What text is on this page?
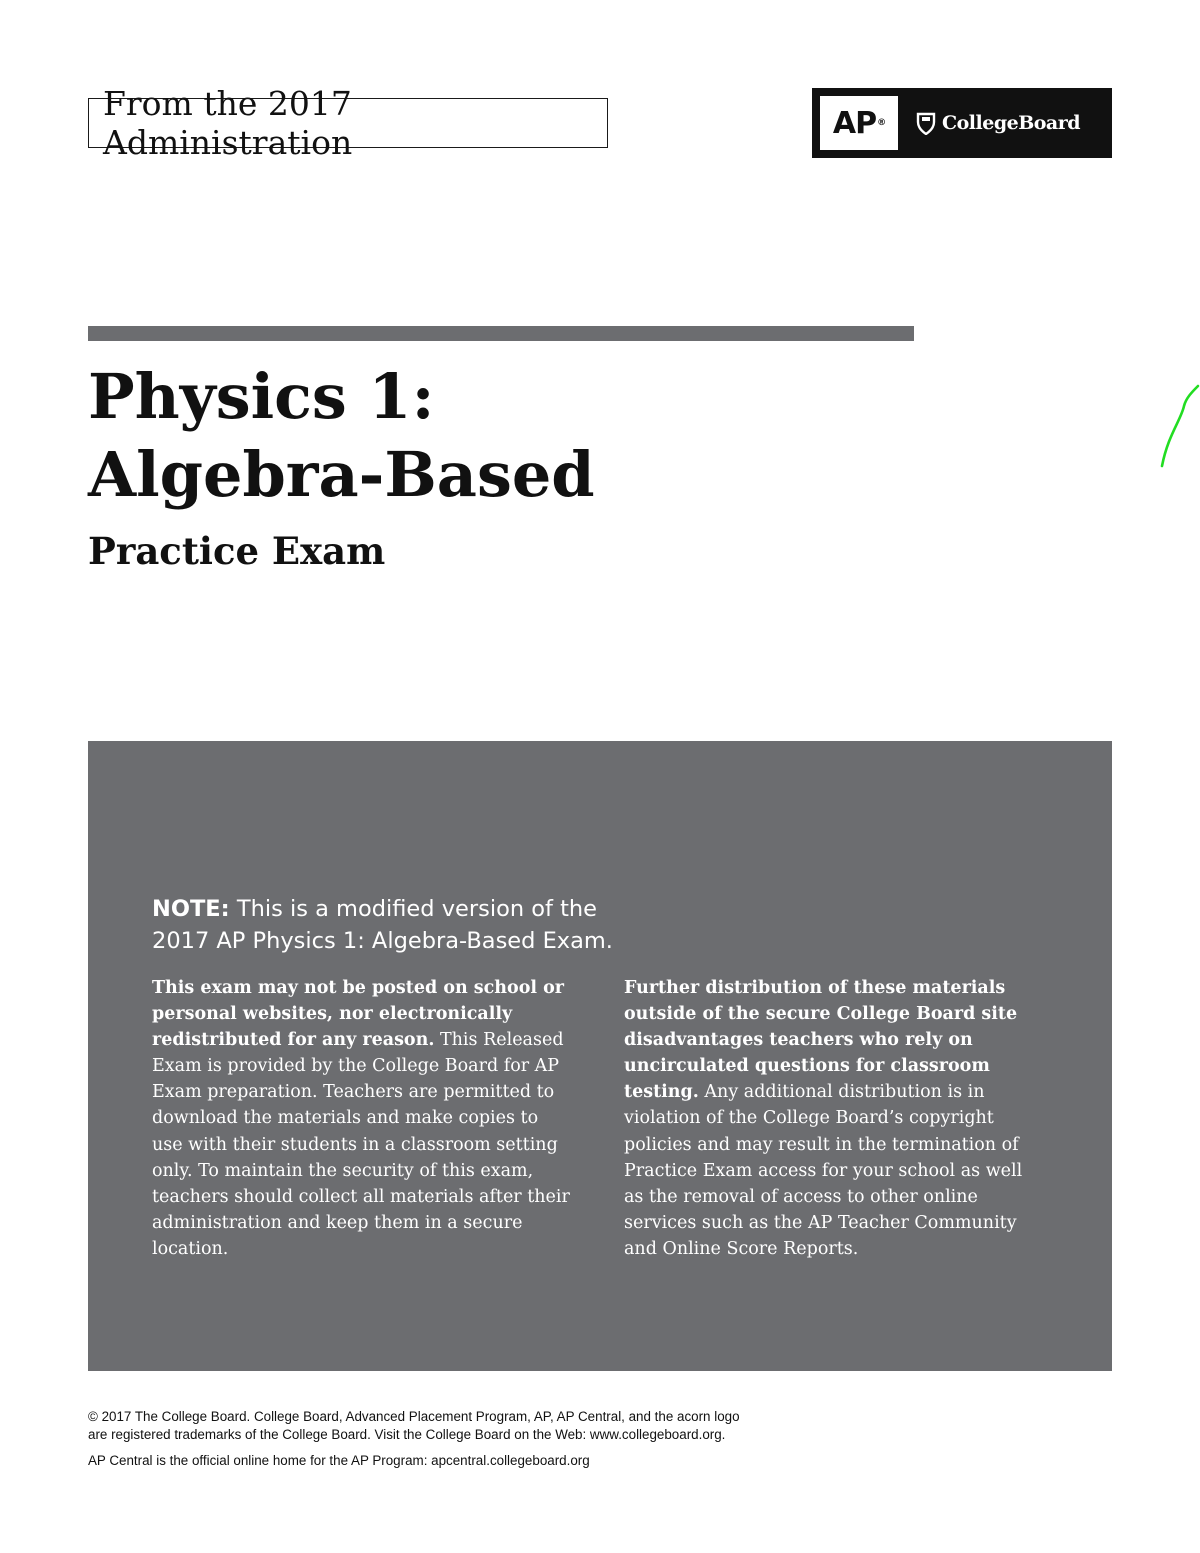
From the 2017 Administration	AP ®	CollegeBoard
Physics 1:
Algebra-Based
Practice Exam
NOTE: This is a modified version of the
2017 AP Physics 1: Algebra-Based Exam.
This exam may not be posted on school or personal websites, nor electronically redistributed for any reason. This Released Exam is provided by the College Board for AP Exam preparation. Teachers are permitted to download the materials and make copies to use with their students in a classroom setting only. To maintain the security of this exam, teachers should collect all materials after their administration and keep them in a secure location.
Further distribution of these materials outside of the secure College Board site disadvantages teachers who rely on uncirculated questions for classroom testing. Any additional distribution is in violation of the College Board’s copyright policies and may result in the termination of Practice Exam access for your school as well as the removal of access to other online services such as the AP Teacher Community and Online Score Reports.

© 2017 The College Board. College Board, Advanced Placement Program, AP, AP Central, and the acorn logo

are registered trademarks of the College Board. Visit the College Board on the Web: www.collegeboard.org.

AP Central is the official online home for the AP Program: apcentral.collegeboard.org
